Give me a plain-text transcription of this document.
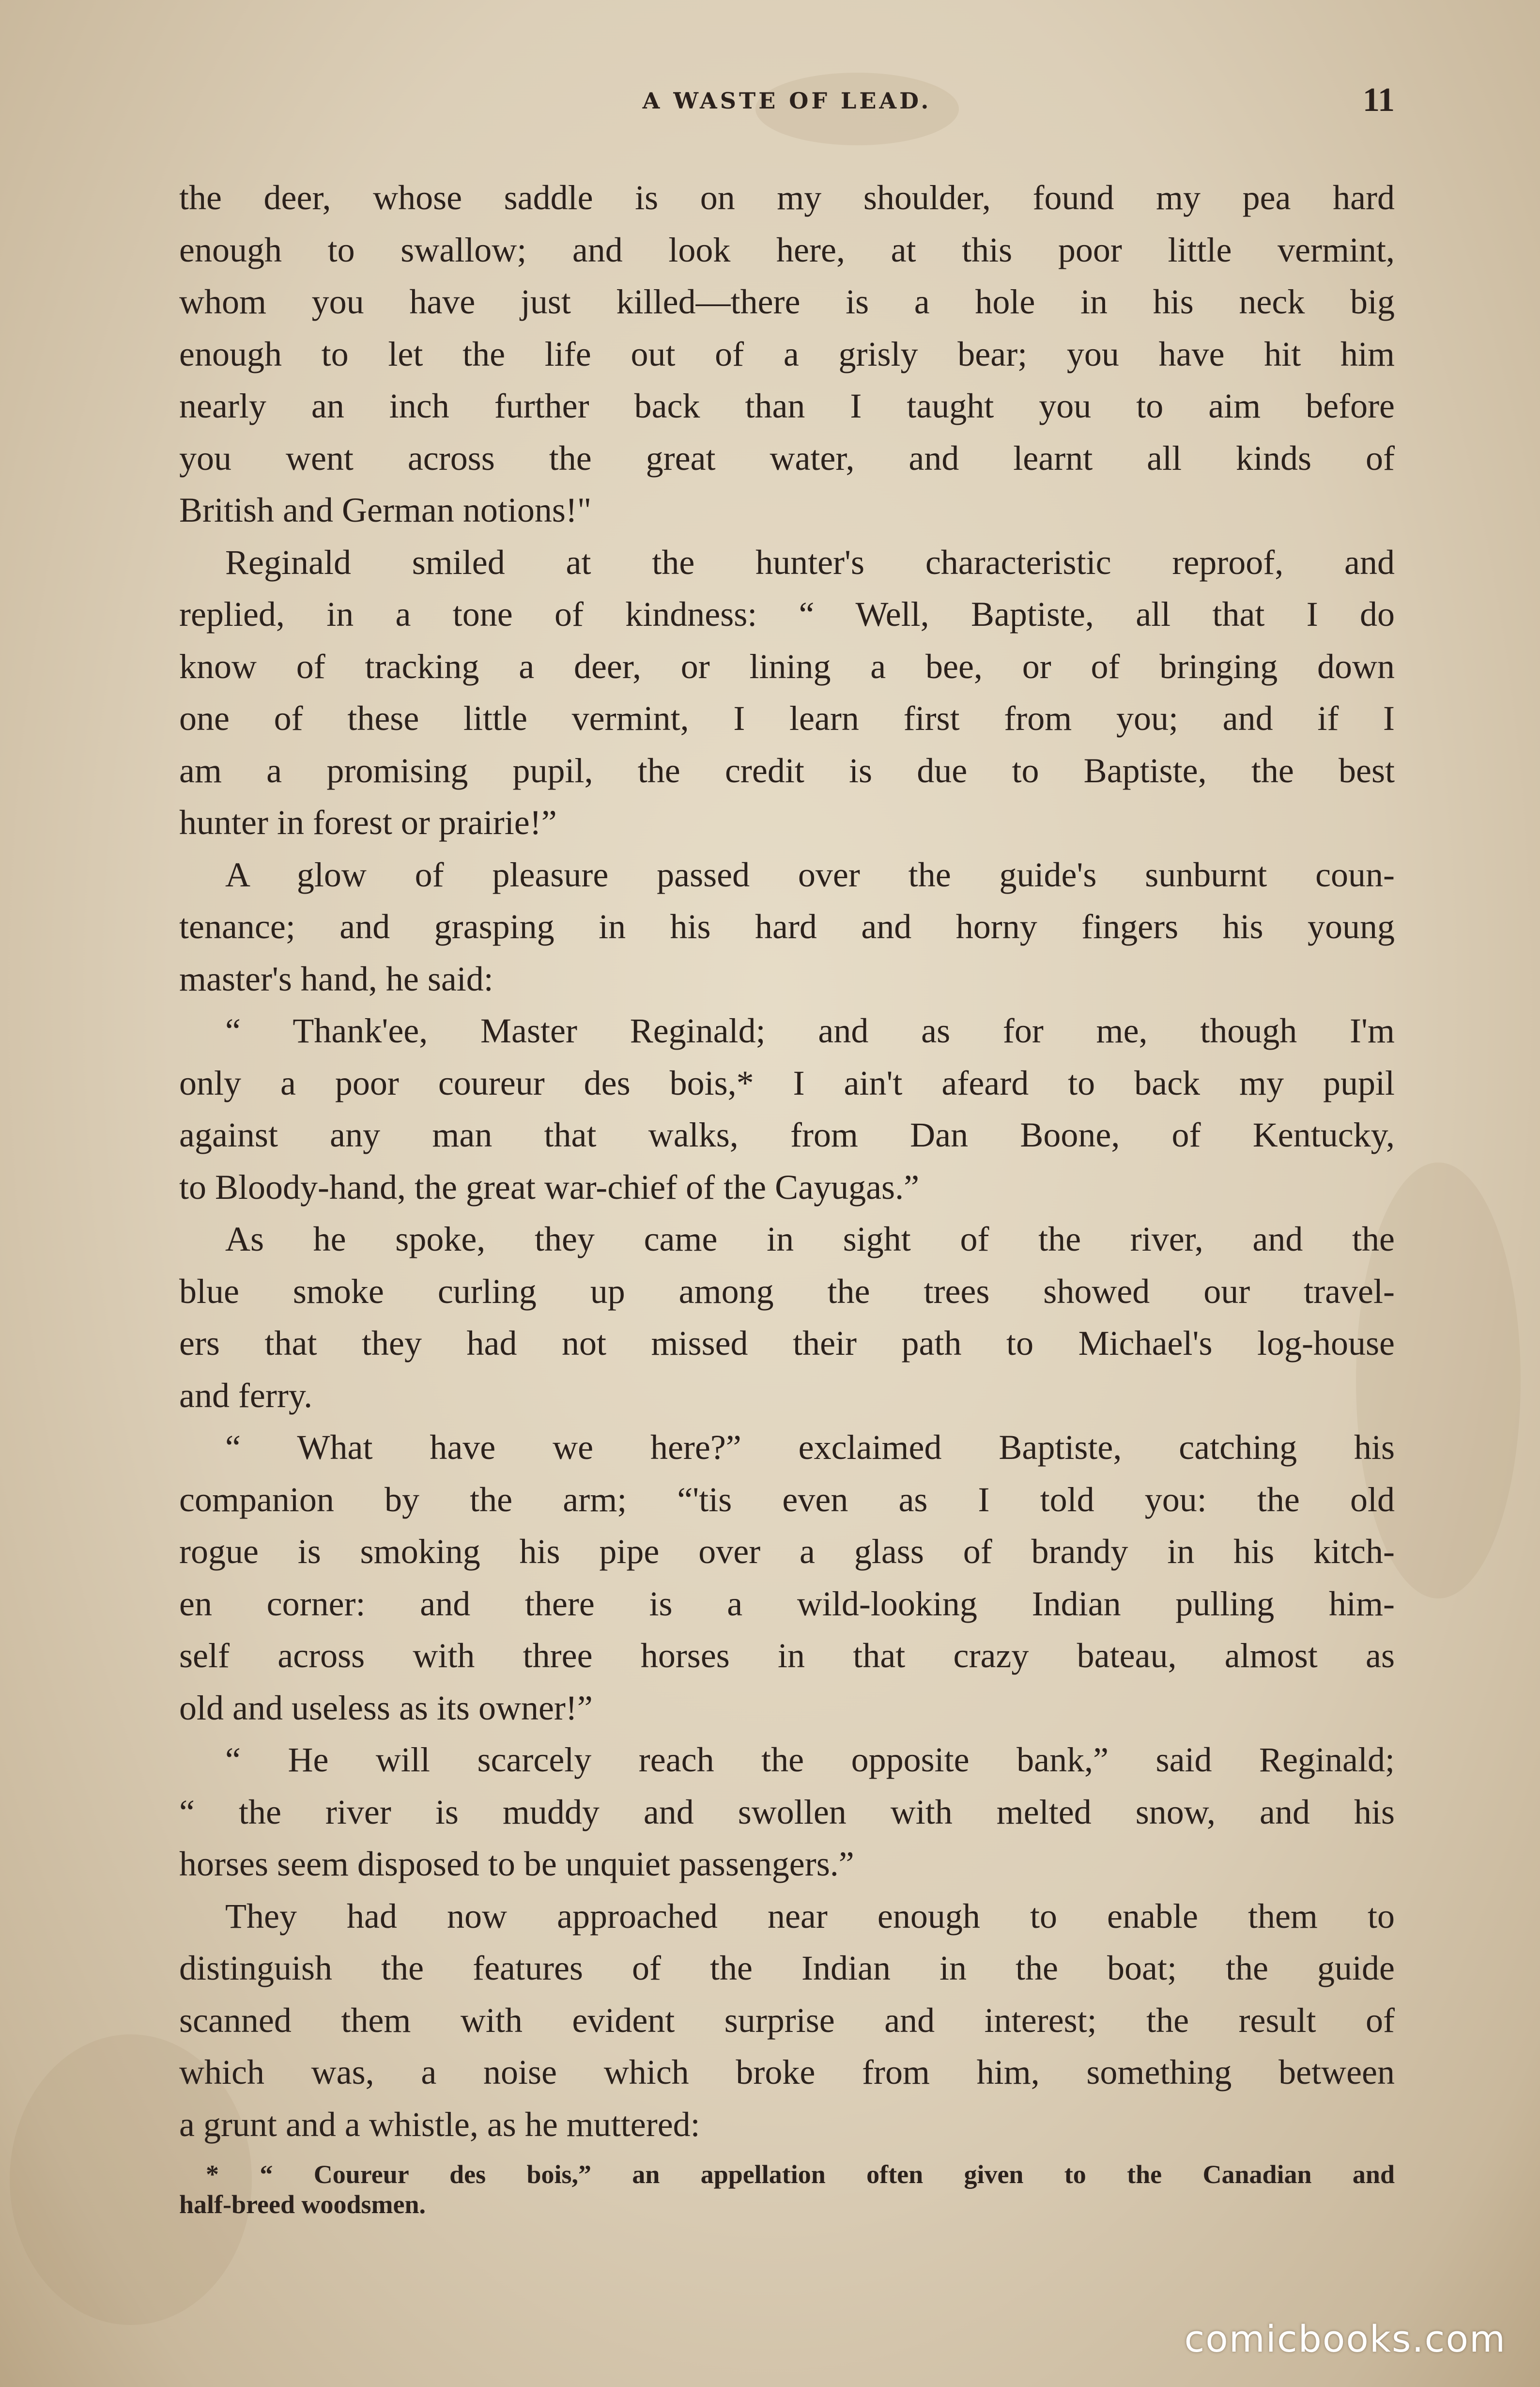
A WASTE OF LEAD.	11
the deer, whose saddle is on my shoulder, found my pea hard
enough to swallow; and look here, at this poor little vermint,
whom you have just killed—there is a hole in his neck big
enough to let the life out of a grisly bear; you have hit him
nearly an inch further back than I taught you to aim before
you went across the great water, and learnt all kinds of
British and German notions!"
Reginald smiled at the hunter's characteristic reproof, and
replied, in a tone of kindness: “ Well, Baptiste, all that I do
know of tracking a deer, or lining a bee, or of bringing down
one of these little vermint, I learn first from you; and if I
am a promising pupil, the credit is due to Baptiste, the best
hunter in forest or prairie!”
A glow of pleasure passed over the guide's sunburnt coun-
tenance; and grasping in his hard and horny fingers his young
master's hand, he said:
“ Thank'ee, Master Reginald; and as for me, though I'm
only a poor coureur des bois,* I ain't afeard to back my pupil
against any man that walks, from Dan Boone, of Kentucky,
to Bloody-hand, the great war-chief of the Cayugas.”
As he spoke, they came in sight of the river, and the
blue smoke curling up among the trees showed our travel-
ers that they had not missed their path to Michael's log-house
and ferry.
“ What have we here?” exclaimed Baptiste, catching his
companion by the arm; “'tis even as I told you: the old
rogue is smoking his pipe over a glass of brandy in his kitch-
en corner: and there is a wild-looking Indian pulling him-
self across with three horses in that crazy bateau, almost as
old and useless as its owner!”
“ He will scarcely reach the opposite bank,” said Reginald;
“ the river is muddy and swollen with melted snow, and his
horses seem disposed to be unquiet passengers.”
They had now approached near enough to enable them to
distinguish the features of the Indian in the boat; the guide
scanned them with evident surprise and interest; the result of
which was, a noise which broke from him, something between
a grunt and a whistle, as he muttered:
* “ Coureur des bois,” an appellation often given to the Canadian and
half-breed woodsmen.
comicbooks.com
